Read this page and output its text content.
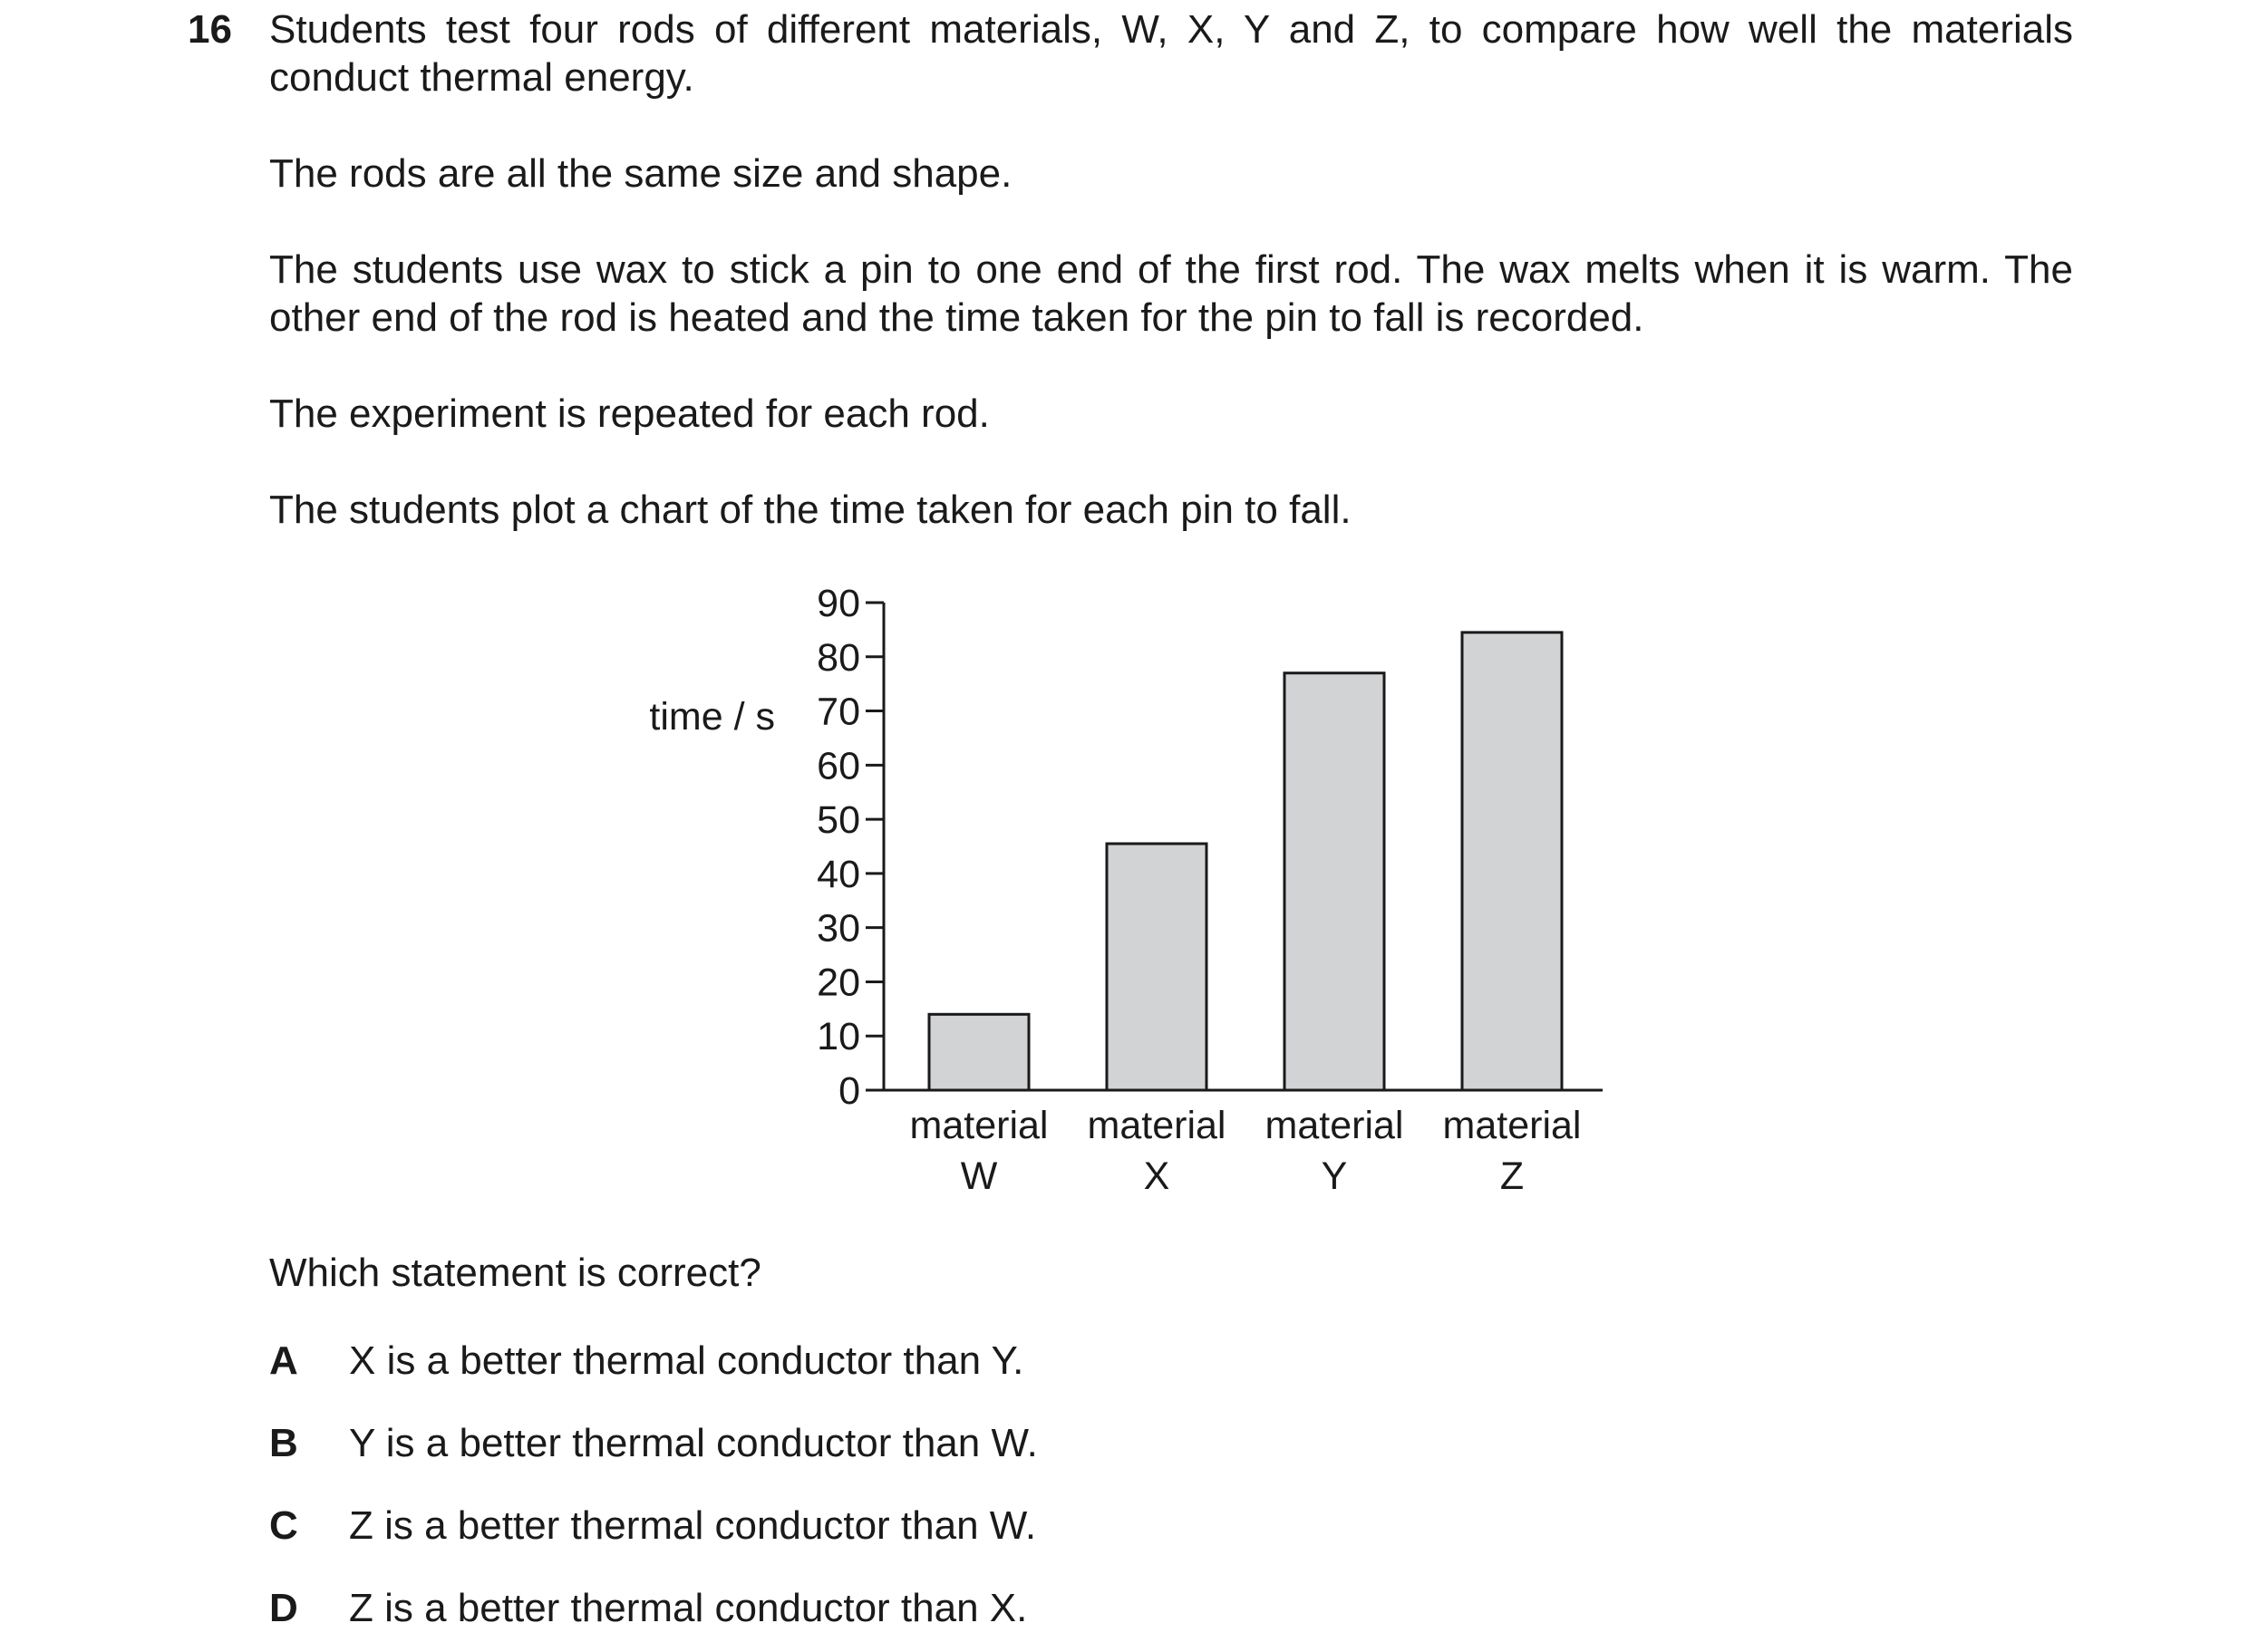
16 Students test four rods of different materials, W, X, Y and Z, to compare how well the materials conduct thermal energy.

The rods are all the same size and shape.

The students use wax to stick a pin to one end of the first rod. The wax melts when it is warm. The other end of the rod is heated and the time taken for the pin to fall is recorded.

The experiment is repeated for each rod.

The students plot a chart of the time taken for each pin to fall.

0
10
20
30
40
50
60
70
80
90
material
W
material
X
material
Y
material
Z
time / s
Which statement is correct?
A X is a better thermal conductor than Y.
B Y is a better thermal conductor than W.
C Z is a better thermal conductor than W.
D Z is a better thermal conductor than X.
